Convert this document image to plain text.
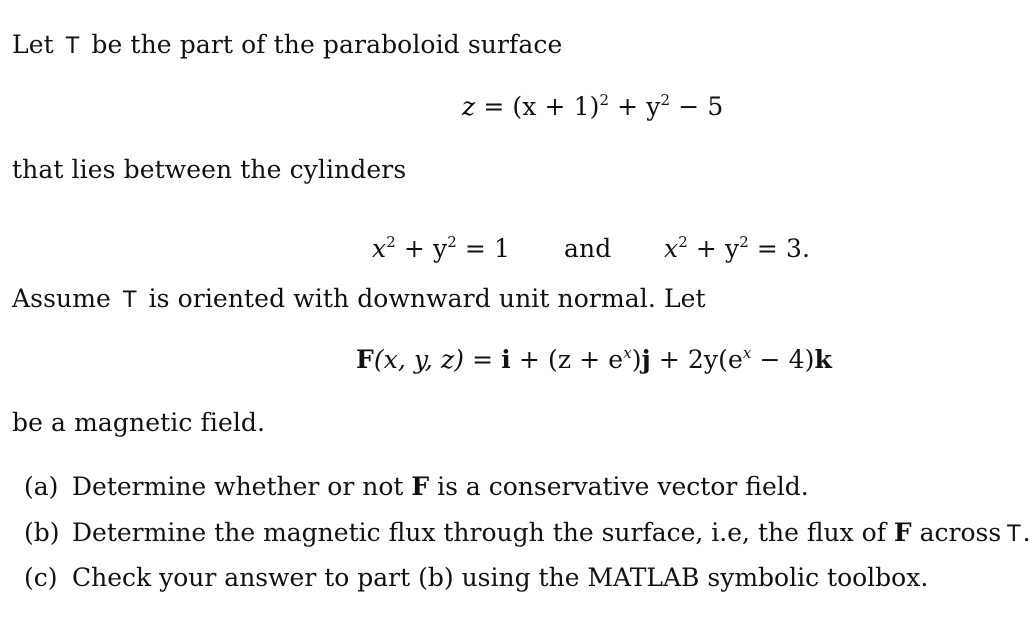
Let T be the part of the paraboloid surface
$z = (x + 1)^2 + y^2 - 5$
that lies between the cylinders
$x^2 + y^2 = 1$ and $x^2 + y^2 = 3$.
Assume T is oriented with downward unit normal. Let
F(x, y, $z) = i + (z + e^x)j + 2y(e^x - 4)k$
be a magnetic field.
(a) Determine whether or not F is a conservative vector field.
(b) Determine the magnetic flux through the surface, i.e, the flux of F across T.
(c) Check your answer to part (b) using the MATLAB symbolic toolbox.
